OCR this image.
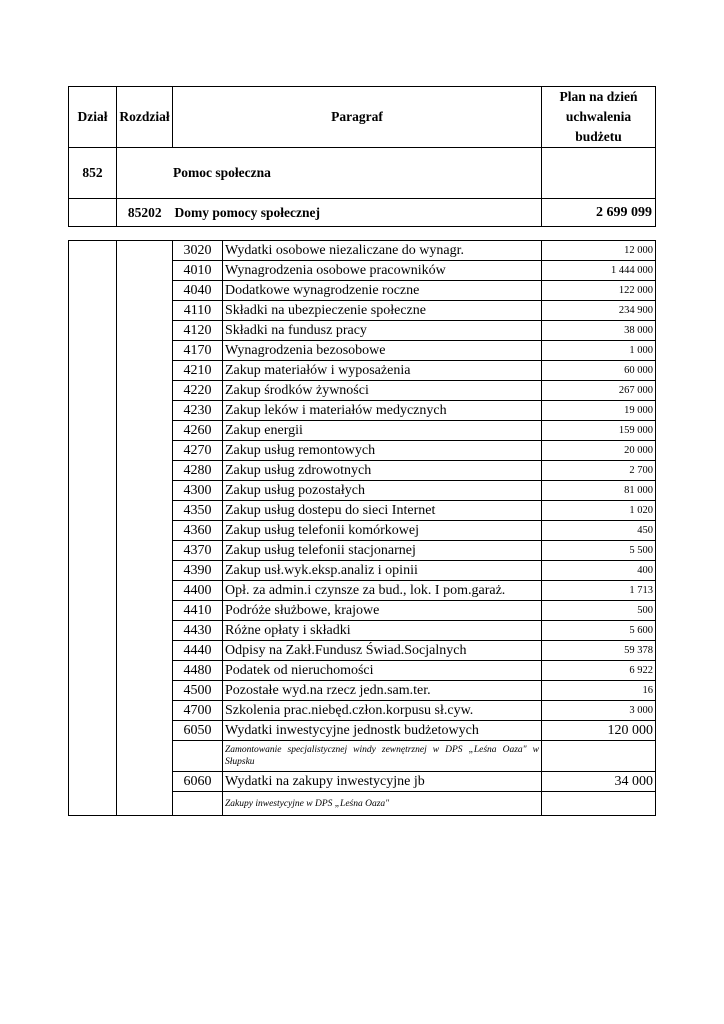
Dział	Rozdział	Paragraf	Plan na dzień
uchwalenia
budżetu

852	Pomoc społeczna		
	85202	Domy pomocy społecznej	2 699 099
		3020	Wydatki osobowe niezaliczane do wynagr.	12 000
		4010	Wynagrodzenia osobowe pracowników	1 444 000
		4040	Dodatkowe wynagrodzenie roczne	122 000
		4110	Składki na ubezpieczenie społeczne	234 900
		4120	Składki na fundusz pracy	38 000
		4170	Wynagrodzenia bezosobowe	1 000
		4210	Zakup materiałów i wyposażenia	60 000
		4220	Zakup środków żywności	267 000
		4230	Zakup leków i materiałów medycznych	19 000
		4260	Zakup energii	159 000
		4270	Zakup usług remontowych	20 000
		4280	Zakup usług zdrowotnych	2 700
		4300	Zakup usług pozostałych	81 000
		4350	Zakup usług dostepu do sieci Internet	1 020
		4360	Zakup usług telefonii komórkowej	450
		4370	Zakup usług telefonii stacjonarnej	5 500
		4390	Zakup usł.wyk.eksp.analiz i opinii	400
		4400	Opł. za admin.i czynsze za bud., lok. I pom.garaż.	1 713
		4410	Podróże służbowe, krajowe	500
		4430	Różne opłaty i składki	5 600
		4440	Odpisy na Zakł.Fundusz Świad.Socjalnych	59 378
		4480	Podatek od nieruchomości	6 922
		4500	Pozostałe wyd.na rzecz jedn.sam.ter.	16
		4700	Szkolenia prac.niebęd.człon.korpusu sł.cyw.	3 000
		6050	Wydatki inwestycyjne jednostk budżetowych	120 000
			Zamontowanie specjalistycznej windy zewnętrznej w DPS „Leśna Oaza" w Słupsku	
		6060	Wydatki na zakupy inwestycyjne jb	34 000
			Zakupy inwestycyjne w DPS „Leśna Oaza"	
